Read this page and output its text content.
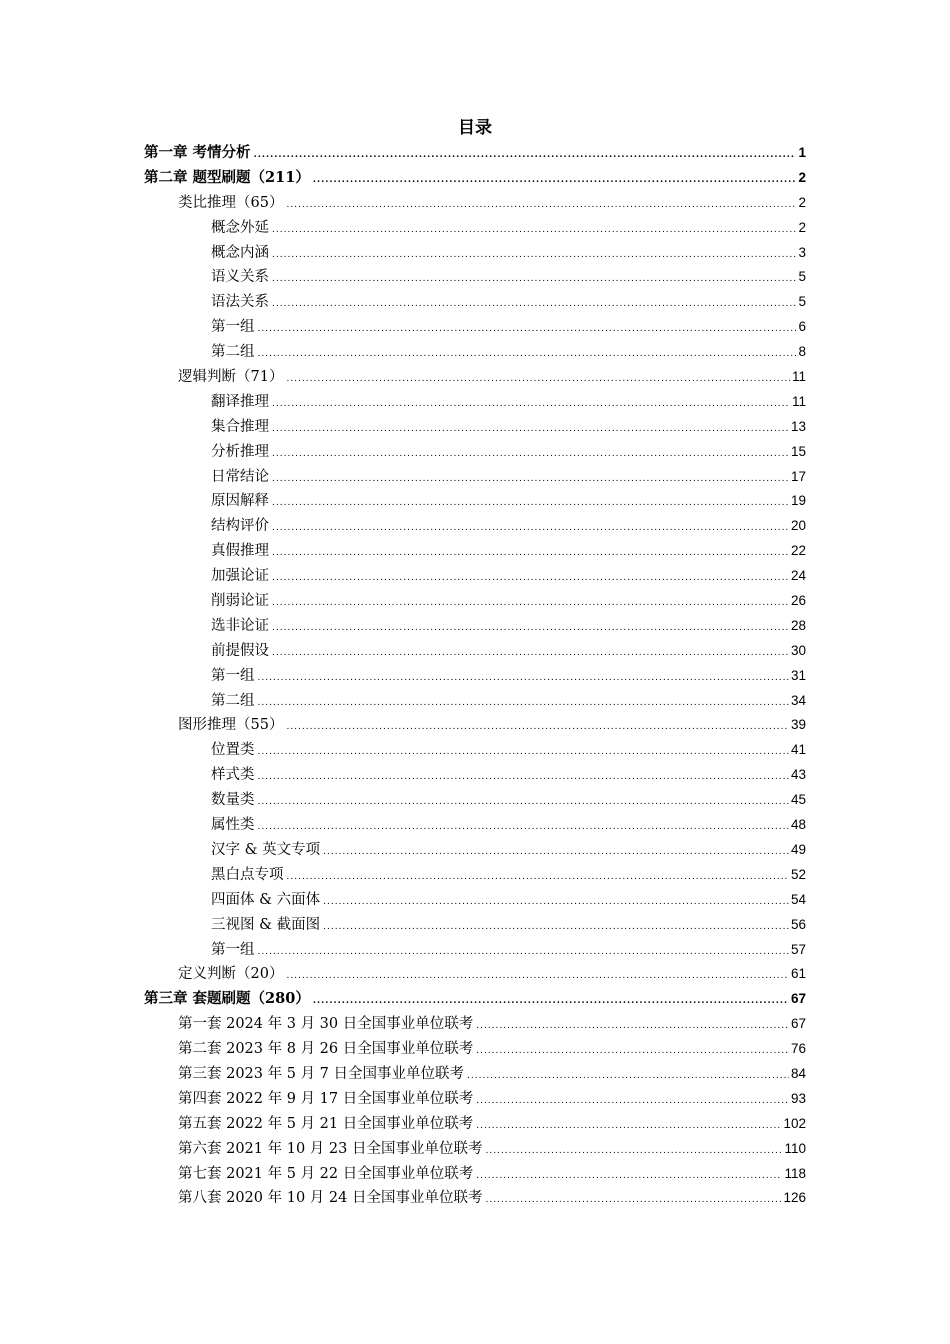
目录
第一章 考情分析 .....	1
第二章 题型刷题（211） .....	2
类比推理（65） .....	2
概念外延 .....	2
概念内涵 .....	3
语义关系 .....	5
语法关系 .....	5
第一组 .....	6
第二组 .....	8
逻辑判断（71） .....	11
翻译推理 .....	11
集合推理 .....	13
分析推理 .....	15
日常结论 .....	17
原因解释 .....	19
结构评价 .....	20
真假推理 .....	22
加强论证 .....	24
削弱论证 .....	26
选非论证 .....	28
前提假设 .....	30
第一组 .....	31
第二组 .....	34
图形推理（55） .....	39
位置类 .....	41
样式类 .....	43
数量类 .....	45
属性类 .....	48
汉字 & 英文专项 .....	49
黑白点专项 .....	52
四面体 & 六面体 .....	54
三视图 & 截面图 .....	56
第一组 .....	57
定义判断（20） .....	61
第三章 套题刷题（280） .....	67
第一套 2024 年 3 月 30 日全国事业单位联考 .....	67
第二套 2023 年 8 月 26 日全国事业单位联考 .....	76
第三套 2023 年 5 月 7 日全国事业单位联考 .....	84
第四套 2022 年 9 月 17 日全国事业单位联考 .....	93
第五套 2022 年 5 月 21 日全国事业单位联考 .....	102
第六套 2021 年 10 月 23 日全国事业单位联考 .....	110
第七套 2021 年 5 月 22 日全国事业单位联考 .....	118
第八套 2020 年 10 月 24 日全国事业单位联考 .....	126
